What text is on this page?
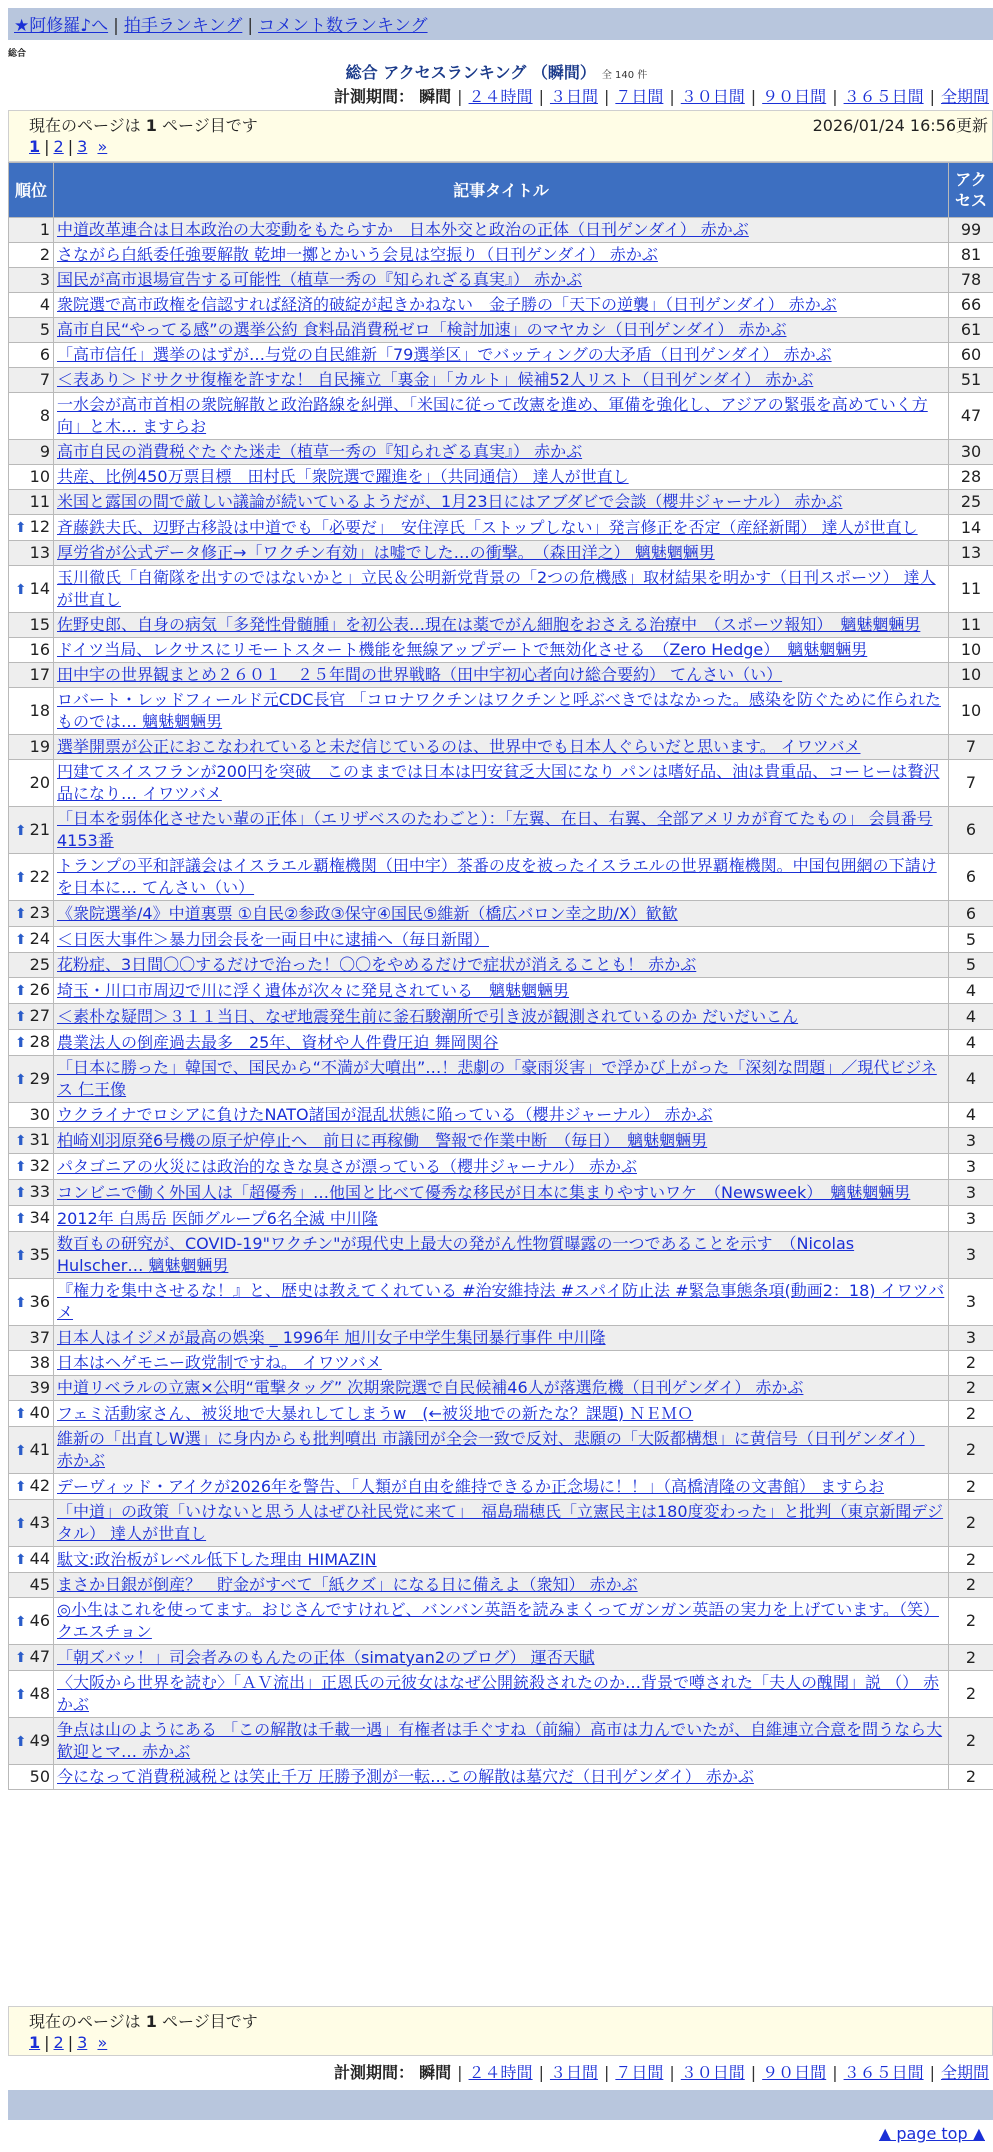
★阿修羅♪へ | 拍手ランキング | コメント数ランキング
総合
総合 アクセスランキング （瞬間） 全 140 件
計測期間： 瞬間 | ２４時間 | ３日間 | ７日間 | ３０日間 | ９０日間 | ３６５日間 | 全期間
現在のページは 1 ページ目です	2026/01/24 16:56更新
1 | 2 | 3 »
順位	記事タイトル	アクセス
1	中道改革連合は日本政治の大変動をもたらすか　日本外交と政治の正体（日刊ゲンダイ） 赤かぶ	99
2	さながら白紙委任強要解散 乾坤一擲とかいう会見は空振り（日刊ゲンダイ） 赤かぶ	81
3	国民が高市退場宣告する可能性（植草一秀の『知られざる真実』） 赤かぶ	78
4	衆院選で高市政権を信認すれば経済的破綻が起きかねない　金子勝の「天下の逆襲」（日刊ゲンダイ） 赤かぶ	66
5	高市自民“やってる感”の選挙公約 食料品消費税ゼロ「検討加速」のマヤカシ（日刊ゲンダイ） 赤かぶ	61
6	「高市信任」選挙のはずが…与党の自民維新「79選挙区」でバッティングの大矛盾（日刊ゲンダイ） 赤かぶ	60
7	＜表あり＞ドサクサ復権を許すな！ 自民擁立「裏金」「カルト」候補52人リスト（日刊ゲンダイ） 赤かぶ	51
8	一水会が高市首相の衆院解散と政治路線を糾弾、「米国に従って改憲を進め、軍備を強化し、アジアの緊張を高めていく方向」と木… ますらお	47
9	高市自民の消費税ぐたぐた迷走（植草一秀の『知られざる真実』） 赤かぶ	30
10	共産、比例450万票目標　田村氏「衆院選で躍進を」（共同通信） 達人が世直し	28
11	米国と露国の間で厳しい議論が続いているようだが、1月23日にはアブダビで会談（櫻井ジャーナル） 赤かぶ	25
⬆ 12	斉藤鉄夫氏、辺野古移設は中道でも「必要だ」　安住淳氏「ストップしない」発言修正を否定（産経新聞） 達人が世直し	14
13	厚労省が公式データ修正→「ワクチン有効」は嘘でした…の衝撃。　（森田洋之） 魑魅魍魎男	13
⬆ 14	玉川徹氏「自衛隊を出すのではないかと」立民＆公明新党背景の「2つの危機感」取材結果を明かす（日刊スポーツ） 達人が世直し	11
15	佐野史郎、自身の病気「多発性骨髄腫」を初公表…現在は薬でがん細胞をおさえる治療中　（スポーツ報知）　魑魅魍魎男	11
16	ドイツ当局、レクサスにリモートスタート機能を無線アップデートで無効化させる　（Zero Hedge）　魑魅魍魎男	10
17	田中宇の世界観まとめ２６０１　２５年間の世界戦略（田中宇初心者向け総合要約） てんさい（い）	10
18	ロバート・レッドフィールド元CDC長官 「コロナワクチンはワクチンと呼ぶべきではなかった。感染を防ぐために作られたものでは… 魑魅魍魎男	10
19	選挙開票が公正におこなわれていると未だ信じているのは、世界中でも日本人ぐらいだと思います。 イワツバメ	7
20	円建てスイスフランが200円を突破　このままでは日本は円安貧乏大国になり パンは嗜好品、油は貴重品、コーヒーは贅沢品になり… イワツバメ	7
⬆ 21	「日本を弱体化させたい輩の正体」（エリザベスのたわごと）：「左翼、在日、右翼、全部アメリカが育てたもの」 会員番号4153番	6
⬆ 22	トランプの平和評議会はイスラエル覇権機関（田中宇）茶番の皮を被ったイスラエルの世界覇権機関。中国包囲網の下請けを日本に… てんさい（い）	6
⬆ 23	《衆院選挙/4》中道裏票 ①自民②参政③保守④国民⑤維新（橋広バロン幸之助/Ⅹ）歓歓	6
⬆ 24	＜日医大事件＞暴力団会長を一両日中に逮捕へ（毎日新聞）	5
25	花粉症、3日間〇〇するだけで治った！〇〇をやめるだけで症状が消えることも！ 赤かぶ	5
⬆ 26	埼玉・川口市周辺で川に浮く遺体が次々に発見されている　魑魅魍魎男	4
⬆ 27	＜素朴な疑問＞３１１当日、なぜ地震発生前に釜石駿潮所で引き波が観測されているのか だいだいこん	4
⬆ 28	農業法人の倒産過去最多　25年、資材や人件費圧迫 舞岡関谷	4
⬆ 29	「日本に勝った」韓国で、国民から“不満が大噴出”…！悲劇の「豪雨災害」で浮かび上がった「深刻な問題」／現代ビジネス 仁王像	4
30	ウクライナでロシアに負けたNATO諸国が混乱状態に陥っている（櫻井ジャーナル） 赤かぶ	4
⬆ 31	柏崎刈羽原発6号機の原子炉停止へ　前日に再稼働　警報で作業中断　（毎日）　魑魅魍魎男	3
⬆ 32	パタゴニアの火災には政治的なきな臭さが漂っている（櫻井ジャーナル） 赤かぶ	3
⬆ 33	コンビニで働く外国人は「超優秀」…他国と比べて優秀な移民が日本に集まりやすいワケ　（Newsweek）　魑魅魍魎男	3
⬆ 34	2012年 白馬岳 医師グループ6名全滅 中川隆	3
⬆ 35	数百もの研究が、COVID-19"ワクチン"が現代史上最大の発がん性物質曝露の一つであることを示す　（Nicolas Hulscher… 魑魅魍魎男	3
⬆ 36	『権力を集中させるな！』と、歴史は教えてくれている #治安維持法 #スパイ防止法 #緊急事態条項(動画2：18) イワツバメ	3
37	日本人はイジメが最高の娯楽 _ 1996年 旭川女子中学生集団暴行事件 中川隆	3
38	日本はヘゲモニー政党制ですね。 イワツバメ	2
39	中道リベラルの立憲×公明“電撃タッグ” 次期衆院選で自民候補46人が落選危機（日刊ゲンダイ） 赤かぶ	2
⬆ 40	フェミ活動家さん、被災地で大暴れしてしまうw　(←被災地での新たな？課題) ＮＥＭＯ	2
⬆ 41	維新の「出直しW選」に身内からも批判噴出 市議団が全会一致で反対、悲願の「大阪都構想」に黄信号（日刊ゲンダイ） 赤かぶ	2
⬆ 42	デーヴィッド・アイクが2026年を警告、「人類が自由を維持できるか正念場に！！」（高橋清隆の文書館） ますらお	2
⬆ 43	「中道」の政策「いけないと思う人はぜひ社民党に来て」　福島瑞穂氏「立憲民主は180度変わった」と批判（東京新聞デジタル） 達人が世直し	2
⬆ 44	駄文:政治板がレベル低下した理由 HIMAZIN	2
45	まさか日銀が倒産？　貯金がすべて「紙クズ」になる日に備えよ（衆知） 赤かぶ	2
⬆ 46	◎小生はこれを使ってます。おじさんですけれど、バンバン英語を読みまくってガンガン英語の実力を上げています。（笑） クエスチョン	2
⬆ 47	「朝ズバッ！」司会者みのもんたの正体（simatyan2のブログ） 運否天賦	2
⬆ 48	〈大阪から世界を読む〉「ＡＶ流出」正恩氏の元彼女はなぜ公開銃殺されたのか…背景で噂された「夫人の醜聞」説 （） 赤かぶ	2
⬆ 49	争点は山のようにある 「この解散は千載一遇」有権者は手ぐすね（前編）高市は力んでいたが、自維連立合意を問うなら大歓迎とマ… 赤かぶ	2
50	今になって消費税減税とは笑止千万 圧勝予測が一転…この解散は墓穴だ（日刊ゲンダイ） 赤かぶ	2
現在のページは 1 ページ目です
1 | 2 | 3 »
計測期間： 瞬間 | ２４時間 | ３日間 | ７日間 | ３０日間 | ９０日間 | ３６５日間 | 全期間
▲ page top ▲
